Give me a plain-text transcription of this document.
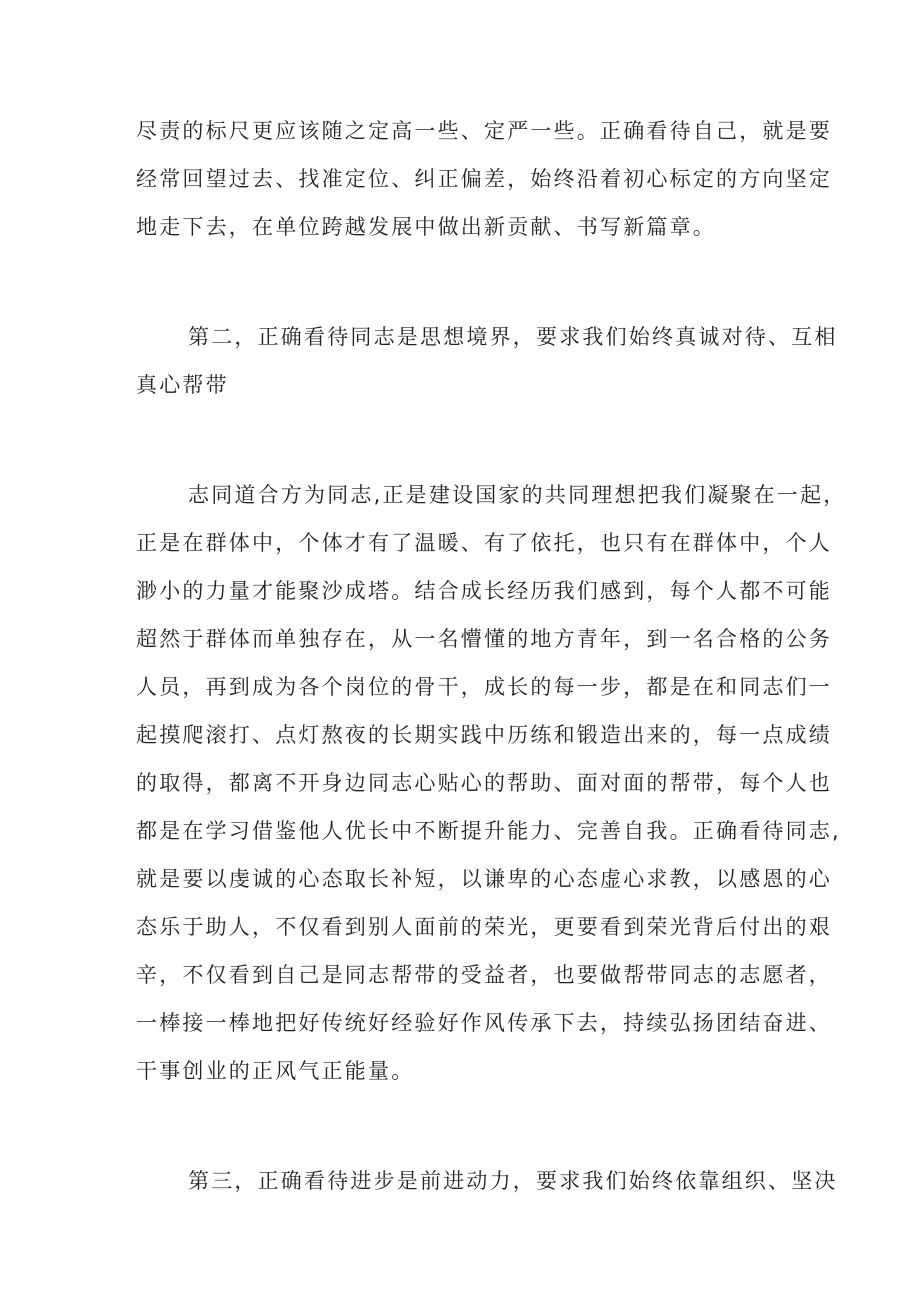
尽责的标尺更应该随之定高一些、定严一些。正确看待自己，就是要
经常回望过去、找准定位、纠正偏差，始终沿着初心标定的方向坚定
地走下去，在单位跨越发展中做出新贡献、书写新篇章。
第二，正确看待同志是思想境界，要求我们始终真诚对待、互相
真心帮带
志同道合方为同志,正是建设国家的共同理想把我们凝聚在一起，
正是在群体中，个体才有了温暖、有了依托，也只有在群体中，个人
渺小的力量才能聚沙成塔。结合成长经历我们感到，每个人都不可能
超然于群体而单独存在，从一名懵懂的地方青年，到一名合格的公务
人员，再到成为各个岗位的骨干，成长的每一步，都是在和同志们一
起摸爬滚打、点灯熬夜的长期实践中历练和锻造出来的，每一点成绩
的取得，都离不开身边同志心贴心的帮助、面对面的帮带，每个人也
都是在学习借鉴他人优长中不断提升能力、完善自我。正确看待同志,
就是要以虔诚的心态取长补短，以谦卑的心态虚心求教，以感恩的心
态乐于助人，不仅看到别人面前的荣光，更要看到荣光背后付出的艰
辛，不仅看到自己是同志帮带的受益者，也要做帮带同志的志愿者，
一棒接一棒地把好传统好经验好作风传承下去，持续弘扬团结奋进、
干事创业的正风气正能量。
第三，正确看待进步是前进动力，要求我们始终依靠组织、坚决
